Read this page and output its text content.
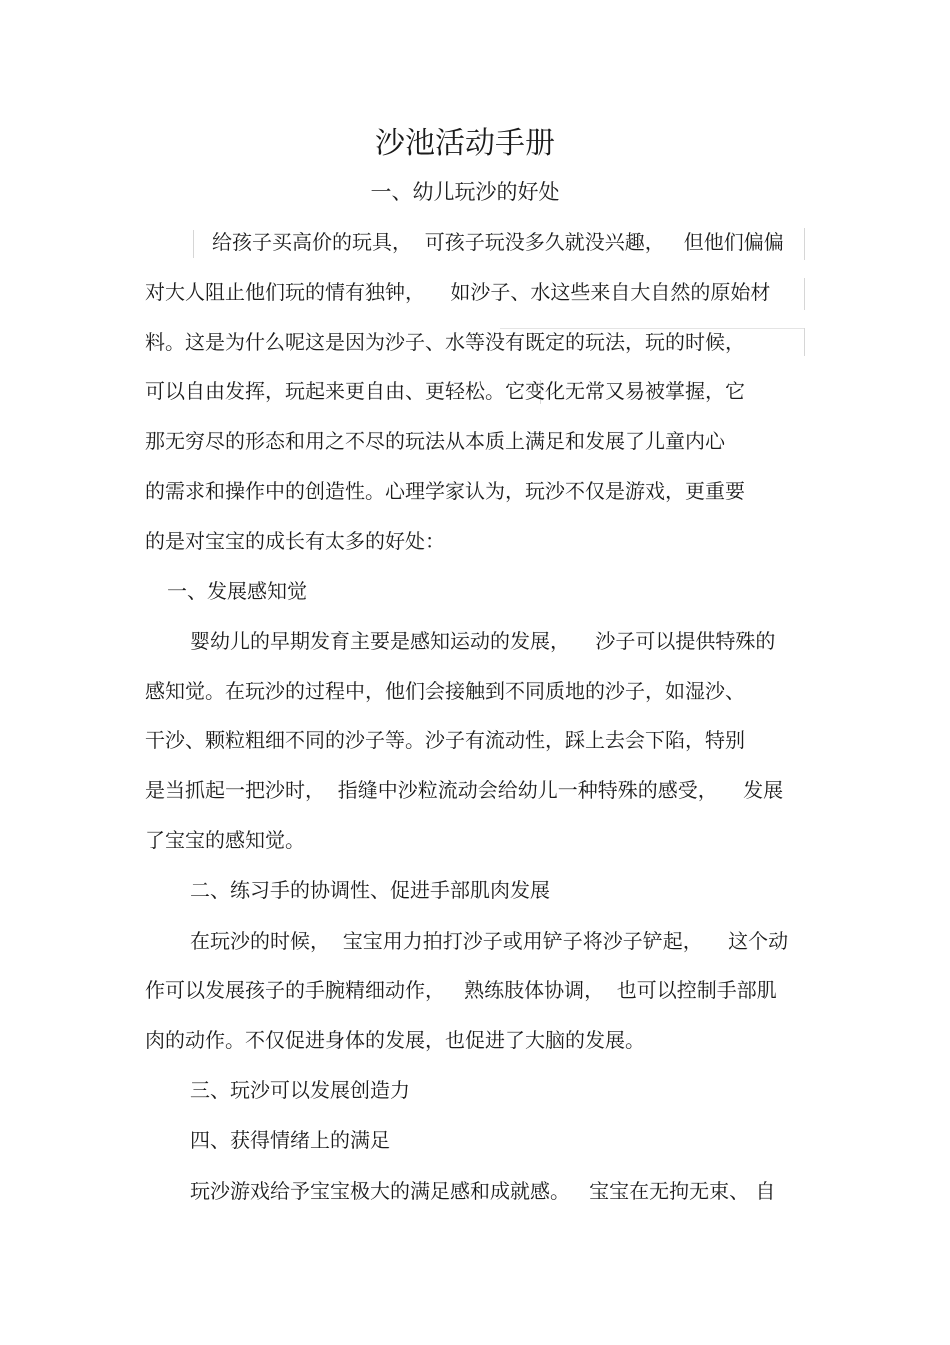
沙池活动手册
一、幼儿玩沙的好处

给孩子买高价的玩具，  可孩子玩没多久就没兴趣，   但他们偏偏

对大人阻止他们玩的情有独钟，    如沙子、水这些来自大自然的原始材

料。这是为什么呢这是因为沙子、水等没有既定的玩法，玩的时候，

可以自由发挥，玩起来更自由、更轻松。它变化无常又易被掌握，它

那无穷尽的形态和用之不尽的玩法从本质上满足和发展了儿童内心

的需求和操作中的创造性。心理学家认为，玩沙不仅是游戏，更重要

的是对宝宝的成长有太多的好处：

一、发展感知觉

婴幼儿的早期发育主要是感知运动的发展，    沙子可以提供特殊的

感知觉。在玩沙的过程中，他们会接触到不同质地的沙子，如湿沙、

干沙、颗粒粗细不同的沙子等。沙子有流动性，踩上去会下陷，特别

是当抓起一把沙时，  指缝中沙粒流动会给幼儿一种特殊的感受，    发展

了宝宝的感知觉。

二、练习手的协调性、促进手部肌肉发展

在玩沙的时候，  宝宝用力拍打沙子或用铲子将沙子铲起，    这个动

作可以发展孩子的手腕精细动作，   熟练肢体协调，  也可以控制手部肌

肉的动作。不仅促进身体的发展，也促进了大脑的发展。

三、玩沙可以发展创造力

四、获得情绪上的满足

玩沙游戏给予宝宝极大的满足感和成就感。   宝宝在无拘无束、 自
